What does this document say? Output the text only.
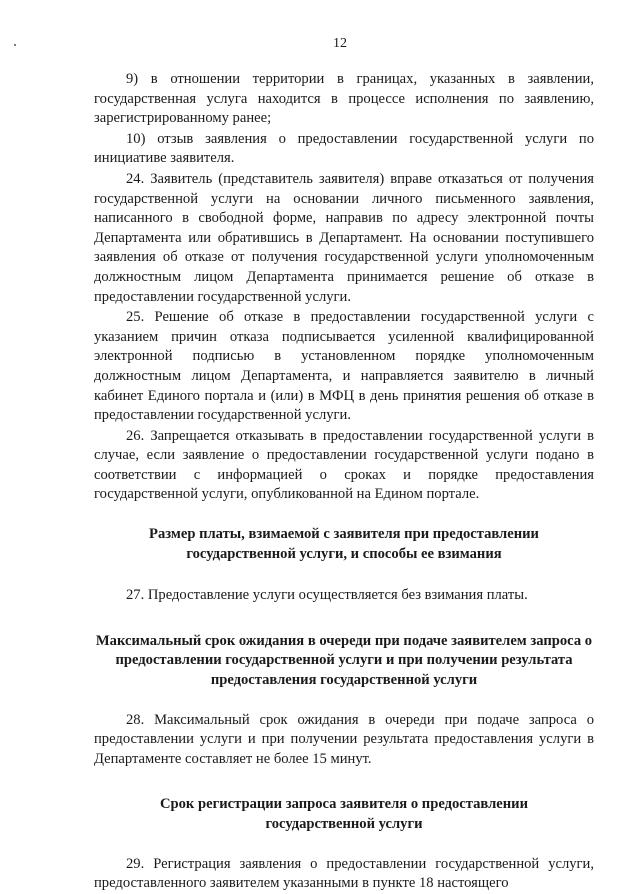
12

9) в отношении территории в границах, указанных в заявлении, государственная услуга находится в процессе исполнения по заявлению, зарегистрированному ранее;

10) отзыв заявления о предоставлении государственной услуги по инициативе заявителя.

24. Заявитель (представитель заявителя) вправе отказаться от получения государственной услуги на основании личного письменного заявления, написанного в свободной форме, направив по адресу электронной почты Департамента или обратившись в Департамент. На основании поступившего заявления об отказе от получения государственной услуги уполномоченным должностным лицом Департамента принимается решение об отказе в предоставлении государственной услуги.

25. Решение об отказе в предоставлении государственной услуги с указанием причин отказа подписывается усиленной квалифицированной электронной подписью в установленном порядке уполномоченным должностным лицом Департамента, и направляется заявителю в личный кабинет Единого портала и (или) в МФЦ в день принятия решения об отказе в предоставлении государственной услуги.

26. Запрещается отказывать в предоставлении государственной услуги в случае, если заявление о предоставлении государственной услуги подано в соответствии с информацией о сроках и порядке предоставления государственной услуги, опубликованной на Едином портале.

Размер платы, взимаемой с заявителя при предоставлении государственной услуги, и способы ее взимания

27. Предоставление услуги осуществляется без взимания платы.

Максимальный срок ожидания в очереди при подаче заявителем запроса о предоставлении государственной услуги и при получении результата предоставления государственной услуги

28. Максимальный срок ожидания в очереди при подаче запроса о предоставлении услуги и при получении результата предоставления услуги в Департаменте составляет не более 15 минут.

Срок регистрации запроса заявителя о предоставлении государственной услуги

29. Регистрация заявления о предоставлении государственной услуги, предоставленного заявителем указанными в пункте 18 настоящего
